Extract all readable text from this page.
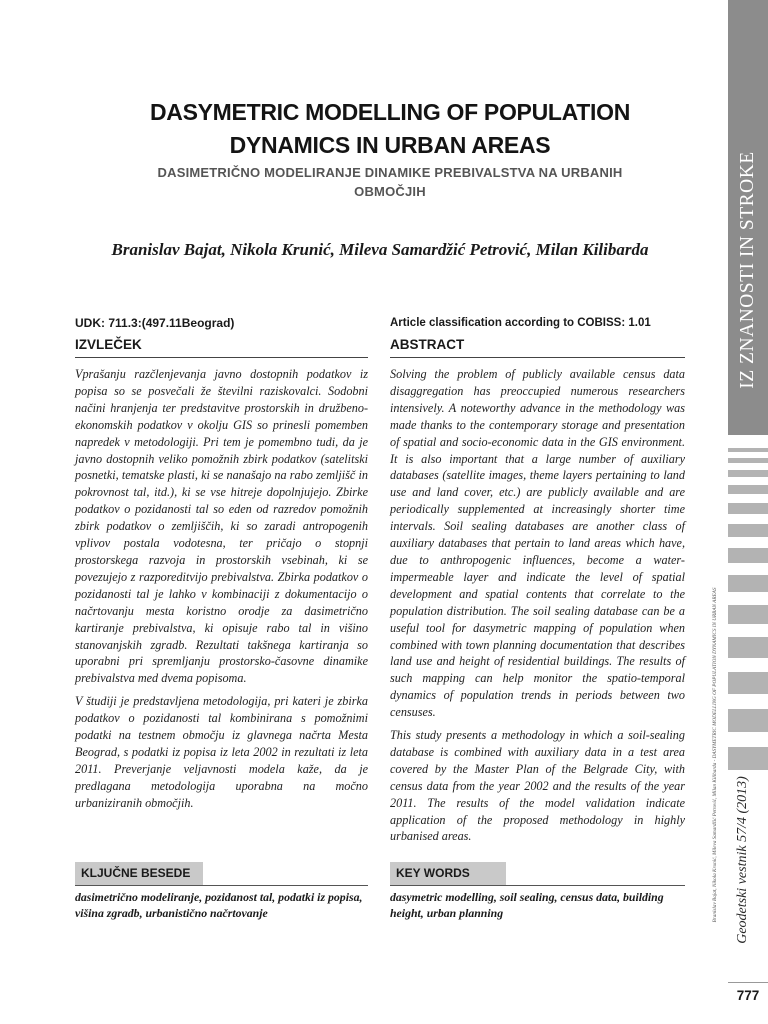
DASYMETRIC MODELLING OF POPULATION
DYNAMICS IN URBAN AREAS
DASIMETRIČNO MODELIRANJE DINAMIKE PREBIVALSTVA NA URBANIH
OBMOČJIH
Branislav Bajat, Nikola Krunić, Mileva Samardžić Petrović, Milan Kilibarda
UDK: 711.3:(497.11Beograd)
IZVLEČEK

Vprašanju razčlenjevanja javno dostopnih podatkov iz popisa so se posvečali že številni raziskovalci. Sodobni načini hranjenja ter predstavitve prostorskih in družbeno-ekonomskih podatkov v okolju GIS so prinesli pomemben napredek v metodologiji. Pri tem je pomembno tudi, da je javno dostopnih veliko pomožnih zbirk podatkov (satelitski posnetki, tematske plasti, ki se nanašajo na rabo zemljišč in pokrovnost tal, itd.), ki se vse hitreje dopolnjujejo. Zbirke podatkov o pozidanosti tal so eden od razredov pomožnih zbirk podatkov o zemljiščih, ki so zaradi antropogenih vplivov postala vodotesna, ter pričajo o stopnji prostorskega razvoja in prostorskih vsebinah, ki se povezujejo z razporeditvijo prebivalstva. Zbirka podatkov o pozidanosti tal je lahko v kombinaciji z dokumentacijo o načrtovanju mesta koristno orodje za dasimetrično kartiranje prebivalstva, ki opisuje rabo tal in višino stanovanjskih zgradb. Rezultati takšnega kartiranja so uporabni pri spremljanju prostorsko-časovne dinamike prebivalstva med dvema popisoma.

V študiji je predstavljena metodologija, pri kateri je zbirka podatkov o pozidanosti tal kombinirana s pomožnimi podatki na testnem območju iz glavnega načrta Mesta Beograd, s podatki iz popisa iz leta 2002 in rezultati iz leta 2011. Preverjanje veljavnosti modela kaže, da je predlagana metodologija uporabna na močno urbaniziranih območjih.

Article classification according to COBISS: 1.01
ABSTRACT

Solving the problem of publicly available census data disaggregation has preoccupied numerous researchers intensively. A noteworthy advance in the methodology was made thanks to the contemporary storage and presentation of spatial and socio-economic data in the GIS environment. It is also important that a large number of auxiliary databases (satellite images, theme layers pertaining to land use and land cover, etc.) are publicly available and are periodically supplemented at increasingly shorter time intervals. Soil sealing databases are another class of auxiliary databases that pertain to land areas which have, due to anthropogenic influences, become a water-impermeable layer and indicate the level of spatial development and spatial contents that correlate to the population distribution. The soil sealing database can be a useful tool for dasymetric mapping of population when combined with town planning documentation that describes land use and height of residential buildings. The results of such mapping can help monitor the spatio-temporal dynamics of population trends in periods between two censuses.

This study presents a methodology in which a soil-sealing database is combined with auxiliary data in a test area covered by the Master Plan of the Belgrade City, with census data from the year 2002 and the results of the year 2011. The results of the model validation indicate application of the proposed methodology in highly urbanised areas.

KLJUČNE BESEDE
dasimetrično modeliranje, pozidanost tal, podatki iz popisa, višina zgradb, urbanistično načrtovanje
KEY WORDS
dasymetric modelling, soil sealing, census data, building height, urban planning
IZ ZNANOSTI IN STROKE
Geodetski vestnik 57/4 (2013)
777
Branislav Bajat, Nikola Krunić, Mileva Samardžić Petrović, Milan Kilibarda - DASYMETRIC MODELLING OF POPULATION DYNAMICS IN URBAN AREAS
